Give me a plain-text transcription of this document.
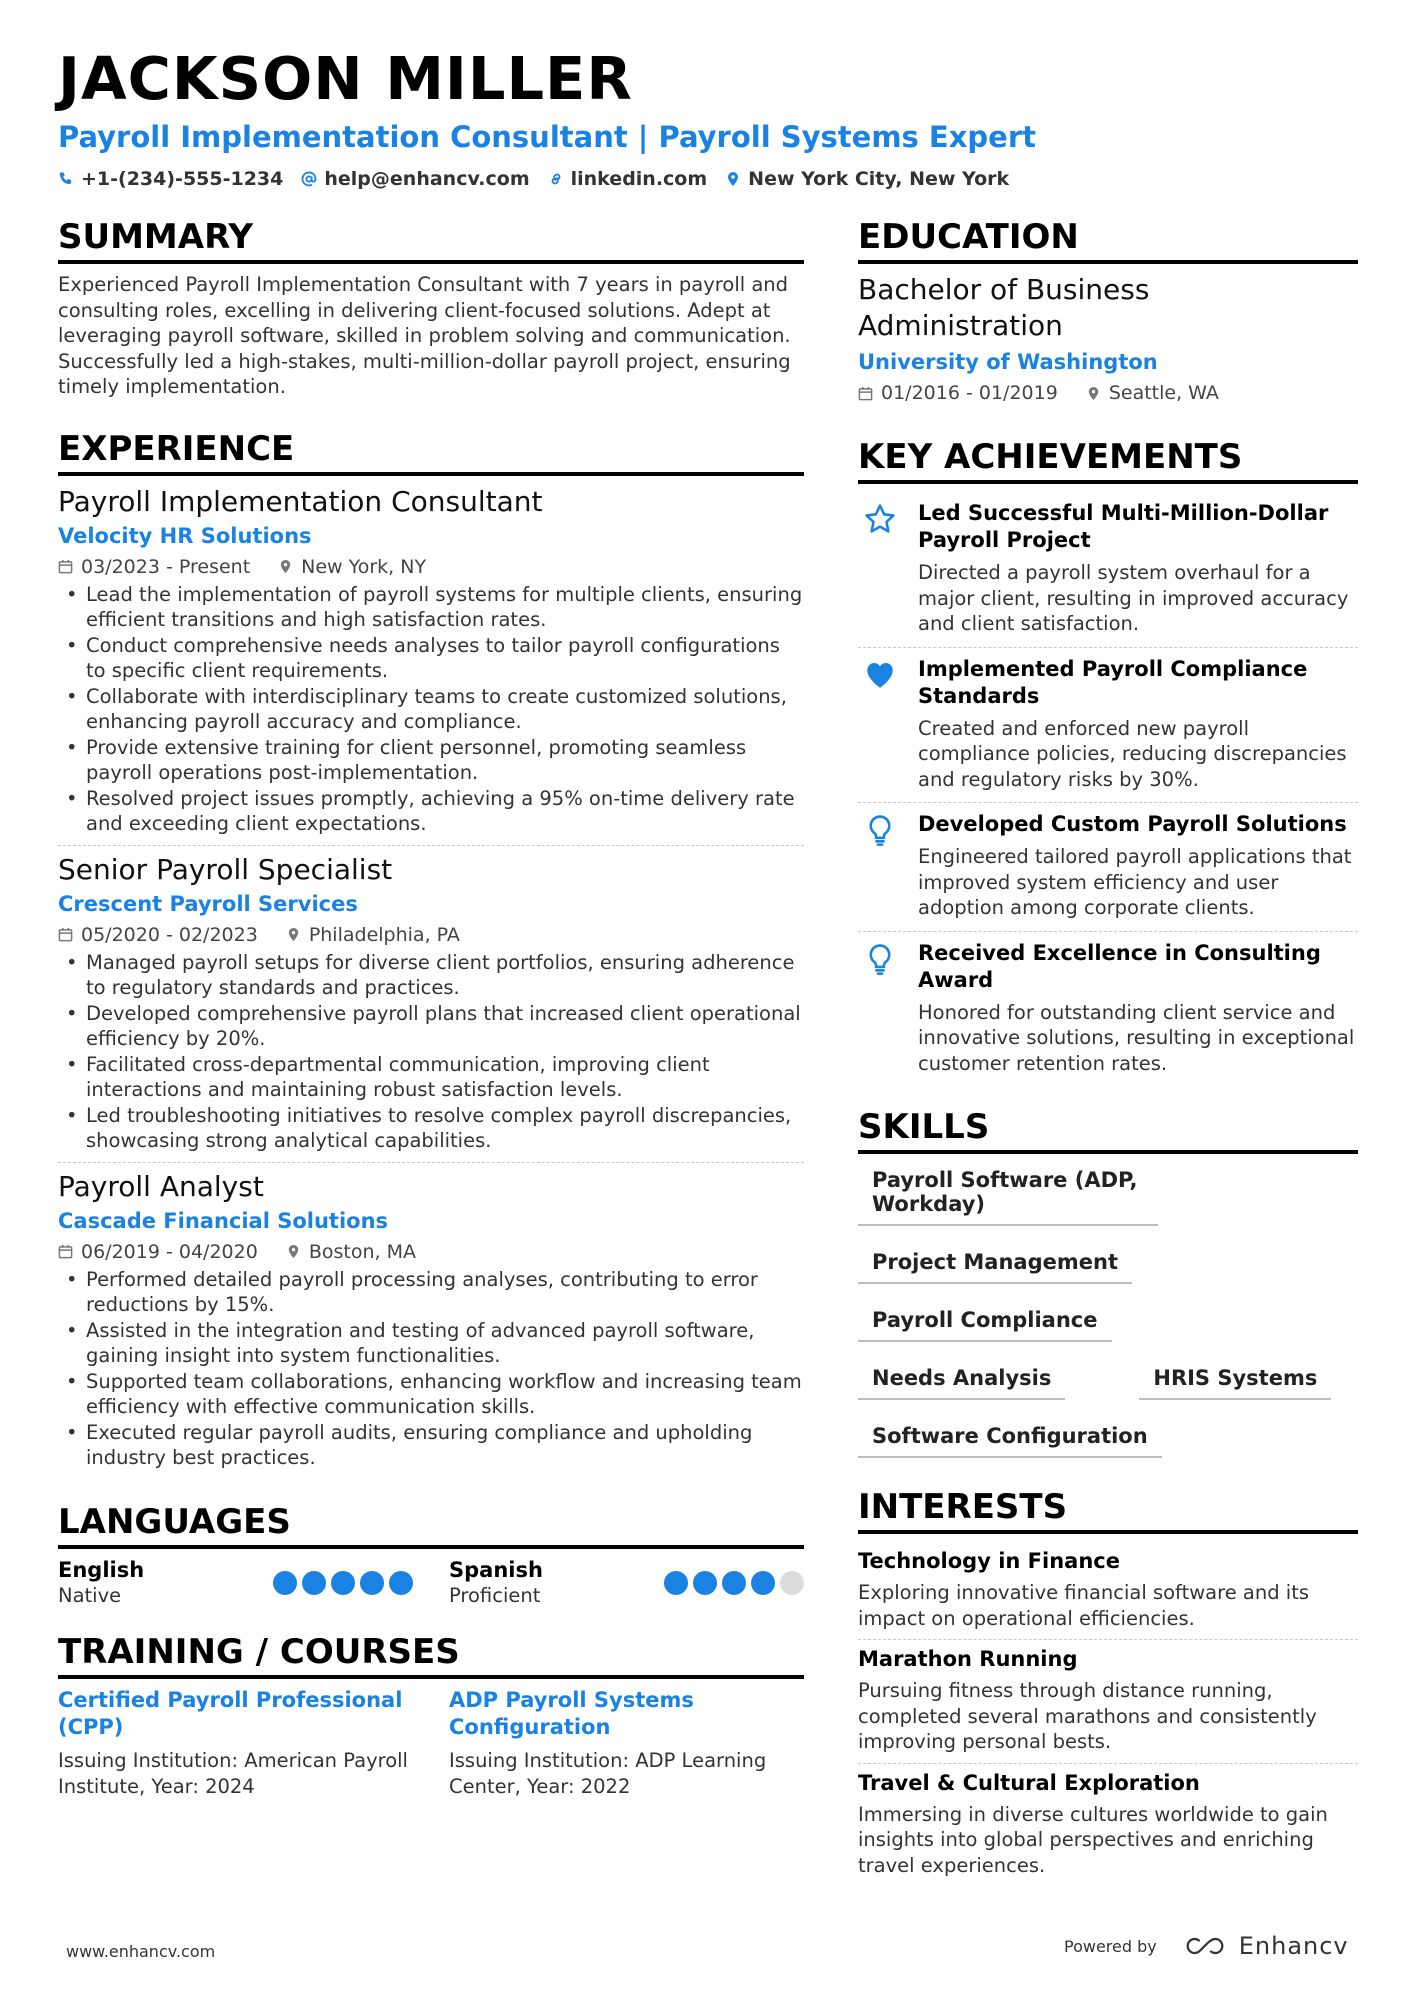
JACKSON MILLER
Payroll Implementation Consultant | Payroll Systems Expert
+1-(234)-555-1234 help@enhancv.com linkedin.com New York City, New York
SUMMARY
Experienced Payroll Implementation Consultant with 7 years in payroll and consulting roles, excelling in delivering client-focused solutions. Adept at leveraging payroll software, skilled in problem solving and communication. Successfully led a high-stakes, multi-million-dollar payroll project, ensuring timely implementation.
EXPERIENCE
Payroll Implementation Consultant
Velocity HR Solutions
03/2023 - Present	New York, NY
• Lead the implementation of payroll systems for multiple clients, ensuring efficient transitions and high satisfaction rates.
• Conduct comprehensive needs analyses to tailor payroll configurations to specific client requirements.
• Collaborate with interdisciplinary teams to create customized solutions, enhancing payroll accuracy and compliance.
• Provide extensive training for client personnel, promoting seamless payroll operations post-implementation.
• Resolved project issues promptly, achieving a 95% on-time delivery rate and exceeding client expectations.
Senior Payroll Specialist
Crescent Payroll Services
05/2020 - 02/2023	Philadelphia, PA
• Managed payroll setups for diverse client portfolios, ensuring adherence to regulatory standards and practices.
• Developed comprehensive payroll plans that increased client operational efficiency by 20%.
• Facilitated cross-departmental communication, improving client interactions and maintaining robust satisfaction levels.
• Led troubleshooting initiatives to resolve complex payroll discrepancies, showcasing strong analytical capabilities.
Payroll Analyst
Cascade Financial Solutions
06/2019 - 04/2020	Boston, MA
• Performed detailed payroll processing analyses, contributing to error reductions by 15%.
• Assisted in the integration and testing of advanced payroll software, gaining insight into system functionalities.
• Supported team collaborations, enhancing workflow and increasing team efficiency with effective communication skills.
• Executed regular payroll audits, ensuring compliance and upholding industry best practices.
LANGUAGES
English
Native
Spanish
Proficient
TRAINING / COURSES
Certified Payroll Professional (CPP)
Issuing Institution: American Payroll Institute, Year: 2024
ADP Payroll Systems Configuration
Issuing Institution: ADP Learning Center, Year: 2022
EDUCATION
Bachelor of Business Administration
University of Washington
01/2016 - 01/2019	Seattle, WA
KEY ACHIEVEMENTS
Led Successful Multi-Million-Dollar Payroll Project
Directed a payroll system overhaul for a major client, resulting in improved accuracy and client satisfaction.
Implemented Payroll Compliance Standards
Created and enforced new payroll compliance policies, reducing discrepancies and regulatory risks by 30%.
Developed Custom Payroll Solutions
Engineered tailored payroll applications that improved system efficiency and user adoption among corporate clients.
Received Excellence in Consulting Award
Honored for outstanding client service and innovative solutions, resulting in exceptional customer retention rates.
SKILLS
Payroll Software (ADP, Workday)
Project Management
Payroll Compliance
Needs Analysis	HRIS Systems
Software Configuration
INTERESTS
Technology in Finance
Exploring innovative financial software and its impact on operational efficiencies.
Marathon Running
Pursuing fitness through distance running, completed several marathons and consistently improving personal bests.
Travel & Cultural Exploration
Immersing in diverse cultures worldwide to gain insights into global perspectives and enriching travel experiences.
www.enhancv.com	Powered by	Enhancv
